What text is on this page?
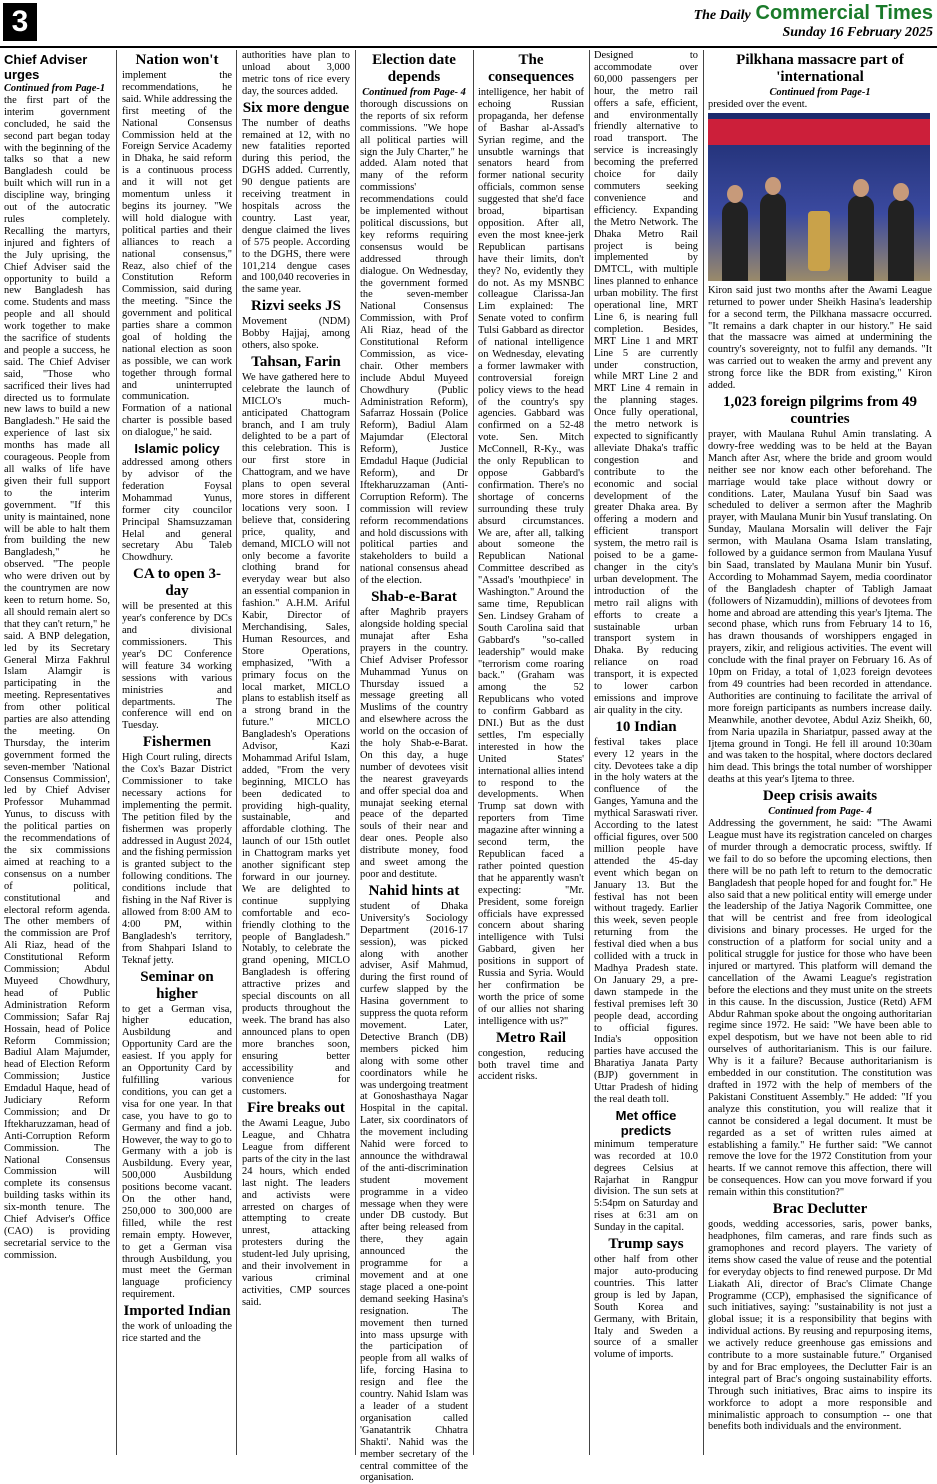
3	The Daily Commercial Times
Sunday 16 February 2025
Chief Adviser urges
Continued from Page-1

the first part of the interim government concluded, he said the second part began today with the beginning of the talks so that a new Bangladesh could be built which will run in a discipline way, bringing out of the autocratic rules completely. Recalling the martyrs, injured and fighters of the July uprising, the Chief Adviser said the opportunity to build a new Bangladesh has come. Students and mass people and all should work together to make the sacrifice of students and people a success, he said. The Chief Adviser said, "Those who sacrificed their lives had directed us to formulate new laws to build a new Bangladesh." He said the experience of last six months has made all courageous. People from all walks of life have given their full support to the interim government. "If this unity is maintained, none will be able to halt them from building the new Bangladesh," he observed. "The people who were driven out by the countrymen are now keen to return home. So, all should remain alert so that they can't return," he said. A BNP delegation, led by its Secretary General Mirza Fakhrul Islam Alamgir is participating in the meeting. Representatives from other political parties are also attending the meeting. On Thursday, the interim government formed the seven-member 'National Consensus Commission', led by Chief Adviser Professor Muhammad Yunus, to discuss with the political parties on the recommendations of the six commissions aimed at reaching to a consensus on a number of political, constitutional and electoral reform agenda. The other members of the commission are Prof Ali Riaz, head of the Constitutional Reform Commission; Abdul Muyeed Chowdhury, head of Public Administration Reform Commission; Safar Raj Hossain, head of Police Reform Commission; Badiul Alam Majumder, head of Election Reform Commission; Justice Emdadul Haque, head of Judiciary Reform Commission; and Dr Iftekharuzzaman, head of Anti-Corruption Reform Commission. The National Consensus Commission will complete its consensus building tasks within its six-month tenure. The Chief Adviser's Office (CAO) is providing secretarial service to the commission.

Nation won't

implement the recommendations, he said. While addressing the first meeting of the National Consensus Commission held at the Foreign Service Academy in Dhaka, he said reform is a continuous process and it will not get momentum unless it begins its journey. "We will hold dialogue with political parties and their alliances to reach a national consensus," Reaz, also chief of the Constitution Reform Commission, said during the meeting. "Since the government and political parties share a common goal of holding the national election as soon as possible, we can work together through formal and uninterrupted communication. Formation of a national charter is possible based on dialogue," he said.

Islamic policy

addressed among others by advisor of the federation Foysal Mohammad Yunus, former city councilor Principal Shamsuzzaman Helal and general secretary Abu Taleb Chowdhury.

CA to open 3-day

will be presented at this year's conference by DCs and divisional commissioners. This year's DC Conference will feature 34 working sessions with various ministries and departments. The conference will end on Tuesday.

Fishermen

High Court ruling, directs the Cox's Bazar District Commissioner to take necessary actions for implementing the permit. The petition filed by the fishermen was properly addressed in August 2024, and the fishing permission is granted subject to the following conditions. The conditions include that fishing in the Naf River is allowed from 8:00 AM to 4:00 PM, within Bangladesh's territory, from Shahpari Island to Teknaf jetty.

Seminar on higher

to get a German visa, higher education, Ausbildung and Opportunity Card are the easiest. If you apply for an Opportunity Card by fulfilling various conditions, you can get a visa for one year. In that case, you have to go to Germany and find a job. However, the way to go to Germany with a job is Ausbildung. Every year, 500,000 Ausbildung positions become vacant. On the other hand, 250,000 to 300,000 are filled, while the rest remain empty. However, to get a German visa through Ausbildung, you must meet the German language proficiency requirement.

Imported Indian

the work of unloading the rice started and the

authorities have plan to unload about 3,000 metric tons of rice every day, the sources added.

Six more dengue

The number of deaths remained at 12, with no new fatalities reported during this period, the DGHS added. Currently, 90 dengue patients are receiving treatment in hospitals across the country. Last year, dengue claimed the lives of 575 people. According to the DGHS, there were 101,214 dengue cases and 100,040 recoveries in the same year.

Rizvi seeks JS

Movement (NDM) Bobby Hajjaj, among others, also spoke.

Tahsan, Farin

We have gathered here to celebrate the launch of MICLO's much-anticipated Chattogram branch, and I am truly delighted to be a part of this celebration. This is our first store in Chattogram, and we have plans to open several more stores in different locations very soon. I believe that, considering price, quality, and demand, MICLO will not only become a favorite clothing brand for everyday wear but also an essential companion in fashion." A.H.M. Ariful Kabir, Director of Merchandising, Sales, Human Resources, and Store Operations, emphasized, "With a primary focus on the local market, MICLO plans to establish itself as a strong brand in the future." MICLO Bangladesh's Operations Advisor, Kazi Mohammad Ariful Islam, added, "From the very beginning, MICLO has been dedicated to providing high-quality, sustainable, and affordable clothing. The launch of our 15th outlet in Chattogram marks yet another significant step forward in our journey. We are delighted to continue supplying comfortable and eco-friendly clothing to the people of Bangladesh." Notably, to celebrate the grand opening, MICLO Bangladesh is offering attractive prizes and special discounts on all products throughout the week. The brand has also announced plans to open more branches soon, ensuring better accessibility and convenience for customers.

Fire breaks out

the Awami League, Jubo League, and Chhatra League from different parts of the city in the last 24 hours, which ended last night. The leaders and activists were arrested on charges of attempting to create unrest, attacking protesters during the student-led July uprising, and their involvement in various criminal activities, CMP sources said.

Election date depends
Continued from Page- 4

thorough discussions on the reports of six reform commissions. "We hope all political parties will sign the July Charter," he added. Alam noted that many of the reform commissions' recommendations could be implemented without political discussions, but key reforms requiring consensus would be addressed through dialogue. On Wednesday, the government formed the seven-member National Consensus Commission, with Prof Ali Riaz, head of the Constitutional Reform Commission, as vice-chair. Other members include Abdul Muyeed Chowdhury (Public Administration Reform), Safarraz Hossain (Police Reform), Badiul Alam Majumdar (Electoral Reform), Justice Emdadul Haque (Judicial Reform), and Dr Iftekharuzzaman (Anti-Corruption Reform). The commission will review reform recommendations and hold discussions with political parties and stakeholders to build a national consensus ahead of the election.

Shab-e-Barat

after Maghrib prayers alongside holding special munajat after Esha prayers in the country. Chief Adviser Professor Muhammad Yunus on Thursday issued a message greeting all Muslims of the country and elsewhere across the world on the occasion of the holy Shab-e-Barat. On this day, a huge number of devotees visit the nearest graveyards and offer special doa and munajat seeking eternal peace of the departed souls of their near and dear ones. People also distribute money, food and sweet among the poor and destitute.

Nahid hints at

student of Dhaka University's Sociology Department (2016-17 session), was picked along with another adviser, Asif Mahmud, during the first round of curfew slapped by the Hasina government to suppress the quota reform movement. Later, Detective Branch (DB) members picked him along with some other coordinators while he was undergoing treatment at Gonoshasthaya Nagar Hospital in the capital. Later, six coordinators of the movement including Nahid were forced to announce the withdrawal of the anti-discrimination student movement programme in a video message when they were under DB custody. But after being released from there, they again announced the programme for a movement and at one stage placed a one-point demand seeking Hasina's resignation. The movement then turned into mass upsurge with the participation of people from all walks of life, forcing Hasina to resign and flee the country. Nahid Islam was a leader of a student organisation called 'Ganatantrik Chhatra Shakti'. Nahid was the member secretary of the central committee of the organisation.

The consequences

intelligence, her habit of echoing Russian propaganda, her defense of Bashar al-Assad's Syrian regime, and the unsubtle warnings that senators heard from former national security officials, common sense suggested that she'd face broad, bipartisan opposition. After all, even the most knee-jerk Republican partisans have their limits, don't they? No, evidently they do not. As my MSNBC colleague Clarissa-Jan Lim explained: The Senate voted to confirm Tulsi Gabbard as director of national intelligence on Wednesday, elevating a former lawmaker with controversial foreign policy views to the head of the country's spy agencies. Gabbard was confirmed on a 52-48 vote. Sen. Mitch McConnell, R-Ky., was the only Republican to oppose Gabbard's confirmation. There's no shortage of concerns surrounding these truly absurd circumstances. We are, after all, talking about someone the Republican National Committee described as "Assad's 'mouthpiece' in Washington." Around the same time, Republican Sen. Lindsey Graham of South Carolina said that Gabbard's "so-called leadership" would make "terrorism come roaring back." (Graham was among the 52 Republicans who voted to confirm Gabbard as DNI.) But as the dust settles, I'm especially interested in how the United States' international allies intend to respond to the developments. When Trump sat down with reporters from Time magazine after winning a second term, the Republican faced a rather pointed question that he apparently wasn't expecting: "Mr. President, some foreign officials have expressed concern about sharing intelligence with Tulsi Gabbard, given her positions in support of Russia and Syria. Would her confirmation be worth the price of some of our allies not sharing intelligence with us?"

Metro Rail

congestion, reducing both travel time and accident risks.

Designed to accommodate over 60,000 passengers per hour, the metro rail offers a safe, efficient, and environmentally friendly alternative to road transport. The service is increasingly becoming the preferred choice for daily commuters seeking convenience and efficiency. Expanding the Metro Network. The Dhaka Metro Rail project is being implemented by DMTCL, with multiple lines planned to enhance urban mobility. The first operational line, MRT Line 6, is nearing full completion. Besides, MRT Line 1 and MRT Line 5 are currently under construction, while MRT Line 2 and MRT Line 4 remain in the planning stages. Once fully operational, the metro network is expected to significantly alleviate Dhaka's traffic congestion and contribute to the economic and social development of the greater Dhaka area. By offering a modern and efficient transport system, the metro rail is poised to be a game-changer in the city's urban development. The introduction of the metro rail aligns with efforts to create a sustainable urban transport system in Dhaka. By reducing reliance on road transport, it is expected to lower carbon emissions and improve air quality in the city.

10 Indian

festival takes place every 12 years in the city. Devotees take a dip in the holy waters at the confluence of the Ganges, Yamuna and the mythical Saraswati river. According to the latest official figures, over 500 million people have attended the 45-day event which began on January 13. But the festival has not been without tragedy. Earlier this week, seven people returning from the festival died when a bus collided with a truck in Madhya Pradesh state. On January 29, a pre-dawn stampede in the festival premises left 30 people dead, according to official figures. India's opposition parties have accused the Bharatiya Janata Party (BJP) government in Uttar Pradesh of hiding the real death toll.

Met office predicts

minimum temperature was recorded at 10.0 degrees Celsius at Rajarhat in Rangpur division. The sun sets at 5:54pm on Saturday and rises at 6:31 am on Sunday in the capital.

Trump says

other half from other major auto-producing countries. This latter group is led by Japan, South Korea and Germany, with Britain, Italy and Sweden a source of a smaller volume of imports.

Pilkhana massacre part of 'international
Continued from Page-1

presided over the event.

Kiron said just two months after the Awami League returned to power under Sheikh Hasina's leadership for a second term, the Pilkhana massacre occurred. "It remains a dark chapter in our history." He said that the massacre was aimed at undermining the country's sovereignty, not to fulfil any demands. "It was carried out to weaken the army and prevent any strong force like the BDR from existing," Kiron added.

1,023 foreign pilgrims from 49 countries

prayer, with Maulana Ruhul Amin translating. A dowry-free wedding was to be held at the Bayan Manch after Asr, where the bride and groom would neither see nor know each other beforehand. The marriage would take place without dowry or conditions. Later, Maulana Yusuf bin Saad was scheduled to deliver a sermon after the Maghrib prayer, with Maulana Munir bin Yusuf translating. On Sunday, Maulana Morsalin will deliver the Fajr sermon, with Maulana Osama Islam translating, followed by a guidance sermon from Maulana Yusuf bin Saad, translated by Maulana Munir bin Yusuf. According to Mohammad Sayem, media coordinator of the Bangladesh chapter of Tabligh Jamaat (followers of Nizamuddin), millions of devotees from home and abroad are attending this year's Ijtema. The second phase, which runs from February 14 to 16, has drawn thousands of worshippers engaged in prayers, zikir, and religious activities. The event will conclude with the final prayer on February 16. As of 10pm on Friday, a total of 1,023 foreign devotees from 49 countries had been recorded in attendance. Authorities are continuing to facilitate the arrival of more foreign participants as numbers increase daily. Meanwhile, another devotee, Abdul Aziz Sheikh, 60, from Naria upazila in Shariatpur, passed away at the Ijtema ground in Tongi. He fell ill around 10:30am and was taken to the hospital, where doctors declared him dead. This brings the total number of worshipper deaths at this year's Ijtema to three.

Deep crisis awaits
Continued from Page- 4

Addressing the government, he said: "The Awami League must have its registration canceled on charges of murder through a democratic process, swiftly. If we fail to do so before the upcoming elections, then there will be no path left to return to the democratic Bangladesh that people hoped for and fought for." He also said that a new political entity will emerge under the leadership of the Jatiya Nagorik Committee, one that will be centrist and free from ideological divisions and binary processes. He urged for the construction of a platform for social unity and a political struggle for justice for those who have been injured or martyred. This platform will demand the cancellation of the Awami League's registration before the elections and they must unite on the streets in this cause. In the discussion, Justice (Retd) AFM Abdur Rahman spoke about the ongoing authoritarian regime since 1972. He said: "We have been able to expel despotism, but we have not been able to rid ourselves of authoritarianism. This is our failure. Why is it a failure? Because authoritarianism is embedded in our constitution. The constitution was drafted in 1972 with the help of members of the Pakistani Constituent Assembly." He added: "If you analyze this constitution, you will realize that it cannot be considered a legal document. It must be regarded as a set of written rules aimed at establishing a family." He further said: "We cannot remove the love for the 1972 Constitution from your hearts. If we cannot remove this affection, there will be consequences. How can you move forward if you remain within this constitution?"

Brac Declutter

goods, wedding accessories, saris, power banks, headphones, film cameras, and rare finds such as gramophones and record players. The variety of items show cased the value of reuse and the potential for everyday objects to find renewed purpose. Dr Md Liakath Ali, director of Brac's Climate Change Programme (CCP), emphasised the significance of such initiatives, saying: "sustainability is not just a global issue; it is a responsibility that begins with individual actions. By reusing and repurposing items, we actively reduce greenhouse gas emissions and contribute to a more sustainable future." Organised by and for Brac employees, the Declutter Fair is an integral part of Brac's ongoing sustainability efforts. Through such initiatives, Brac aims to inspire its workforce to adopt a more responsible and minimalistic approach to consumption -- one that benefits both individuals and the environment.
